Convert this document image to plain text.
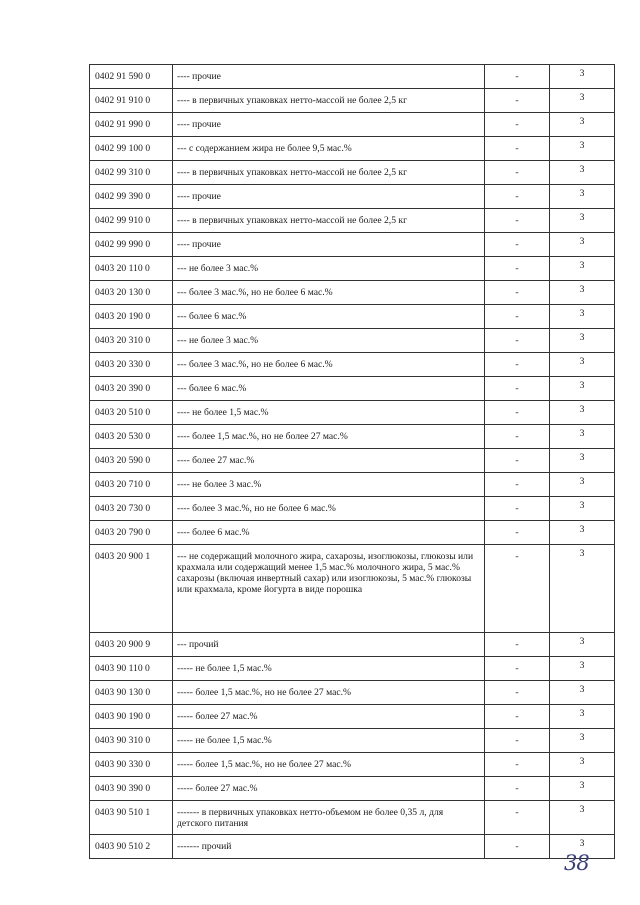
0402 91 590 0	---- прочие	-	3
0402 91 910 0	---- в первичных упаковках нетто-массой не более 2,5 кг	-	3
0402 91 990 0	---- прочие	-	3
0402 99 100 0	--- с содержанием жира не более 9,5 мас.%	-	3
0402 99 310 0	---- в первичных упаковках нетто-массой не более 2,5 кг	-	3
0402 99 390 0	---- прочие	-	3
0402 99 910 0	---- в первичных упаковках нетто-массой не более 2,5 кг	-	3
0402 99 990 0	---- прочие	-	3
0403 20 110 0	--- не более 3 мас.%	-	3
0403 20 130 0	--- более 3 мас.%, но не более 6 мас.%	-	3
0403 20 190 0	--- более 6 мас.%	-	3
0403 20 310 0	--- не более 3 мас.%	-	3
0403 20 330 0	--- более 3 мас.%, но не более 6 мас.%	-	3
0403 20 390 0	--- более 6 мас.%	-	3
0403 20 510 0	---- не более 1,5 мас.%	-	3
0403 20 530 0	---- более 1,5 мас.%, но не более 27 мас.%	-	3
0403 20 590 0	---- более 27 мас.%	-	3
0403 20 710 0	---- не более 3 мас.%	-	3
0403 20 730 0	---- более 3 мас.%, но не более 6 мас.%	-	3
0403 20 790 0	---- более 6 мас.%	-	3
0403 20 900 1	--- не содержащий молочного жира, сахарозы, изоглюкозы, глюкозы или крахмала или содержащий менее 1,5 мас.% молочного жира, 5 мас.% сахарозы (включая инвертный сахар) или изоглюкозы, 5 мас.% глюкозы или крахмала, кроме йогурта в виде порошка	-	3
0403 20 900 9	--- прочий	-	3
0403 90 110 0	----- не более 1,5 мас.%	-	3
0403 90 130 0	----- более 1,5 мас.%, но не более 27 мас.%	-	3
0403 90 190 0	----- более 27 мас.%	-	3
0403 90 310 0	----- не более 1,5 мас.%	-	3
0403 90 330 0	----- более 1,5 мас.%, но не более 27 мас.%	-	3
0403 90 390 0	----- более 27 мас.%	-	3
0403 90 510 1	------- в первичных упаковках нетто-объемом не более 0,35 л, для детского питания	-	3
0403 90 510 2	------- прочий	-	3
38
